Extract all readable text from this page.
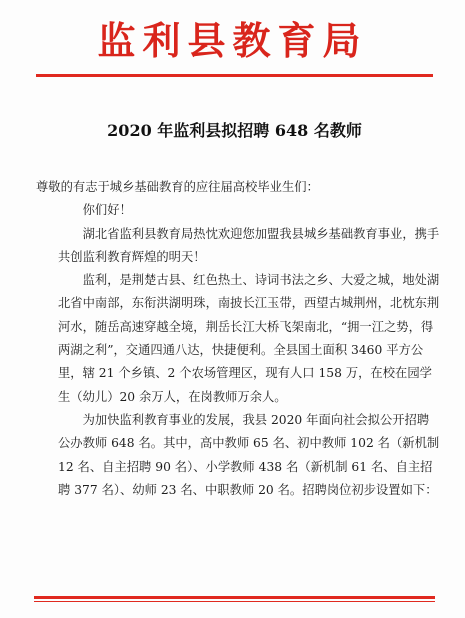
监利县教育局
2020 年监利县拟招聘 648 名教师

尊敬的有志于城乡基础教育的应往届高校毕业生们：

你们好！

湖北省监利县教育局热忱欢迎您加盟我县城乡基础教育事业，携手共创监利教育辉煌的明天！

监利，是荆楚古县、红色热土、诗词书法之乡、大爱之城，地处湖北省中南部，东衔洪湖明珠，南披长江玉带，西望古城荆州，北枕东荆河水，随岳高速穿越全境，荆岳长江大桥飞架南北，“拥一江之势，得两湖之利”，交通四通八达，快捷便利。全县国土面积 3460 平方公里，辖 21 个乡镇、2 个农场管理区，现有人口 158 万，在校在园学生（幼儿）20 余万人，在岗教师万余人。

为加快监利教育事业的发展，我县 2020 年面向社会拟公开招聘公办教师 648 名。其中，高中教师 65 名、初中教师 102 名（新机制 12 名、自主招聘 90 名）、小学教师 438 名（新机制 61 名、自主招聘 377 名）、幼师 23 名、中职教师 20 名。招聘岗位初步设置如下：
